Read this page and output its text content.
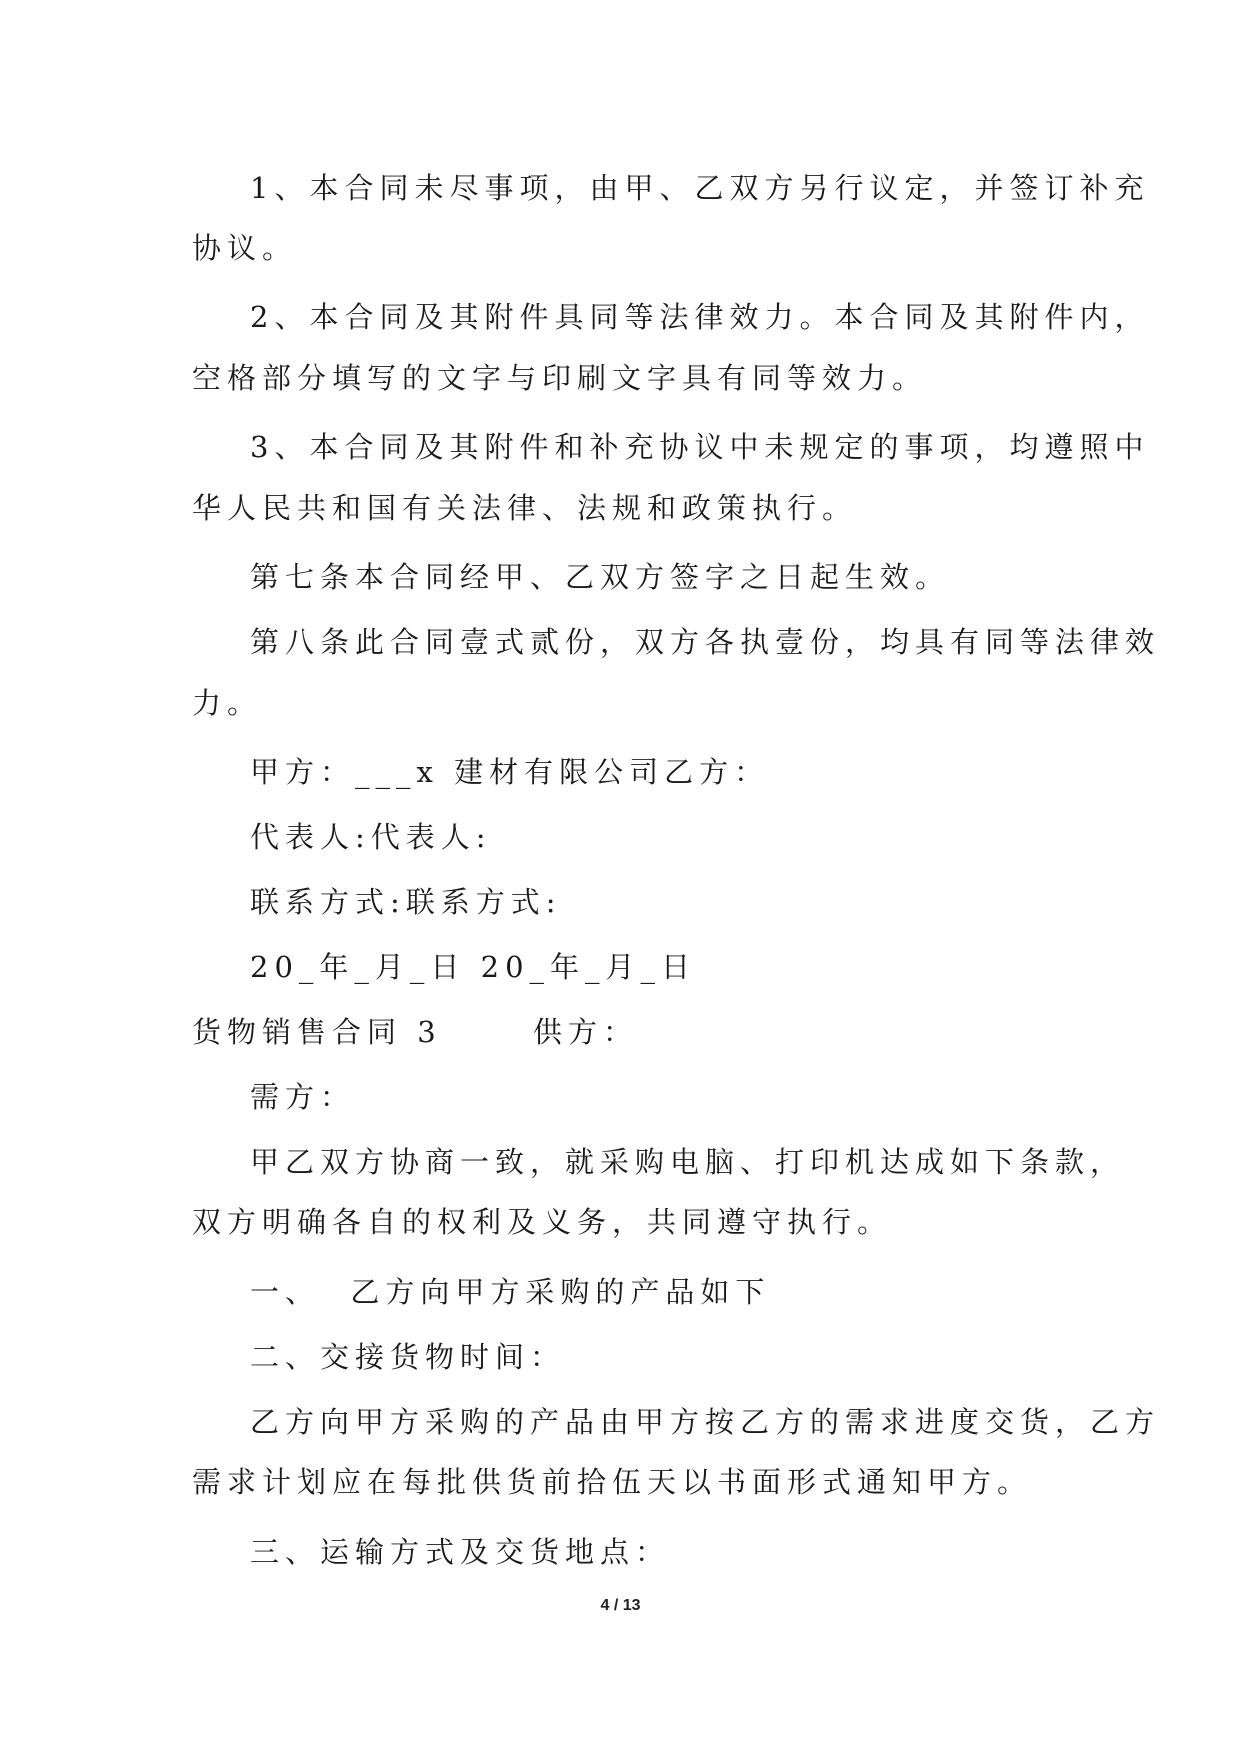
1、本合同未尽事项，由甲、乙双方另行议定，并签订补充

协议。

2、本合同及其附件具同等法律效力。本合同及其附件内，

空格部分填写的文字与印刷文字具有同等效力。

3、本合同及其附件和补充协议中未规定的事项，均遵照中

华人民共和国有关法律、法规和政策执行。

第七条本合同经甲、乙双方签字之日起生效。

第八条此合同壹式贰份，双方各执壹份，均具有同等法律效

力。

甲方：___x 建材有限公司乙方：

代表人:代表人:

联系方式:联系方式:

20_年_月_日 20_年_月_日

货物销售合同 3      供方：

需方：

甲乙双方协商一致，就采购电脑、打印机达成如下条款，

双方明确各自的权利及义务，共同遵守执行。

一、  乙方向甲方采购的产品如下

二、交接货物时间：

乙方向甲方采购的产品由甲方按乙方的需求进度交货，乙方

需求计划应在每批供货前拾伍天以书面形式通知甲方。

三、运输方式及交货地点：

4 / 13
